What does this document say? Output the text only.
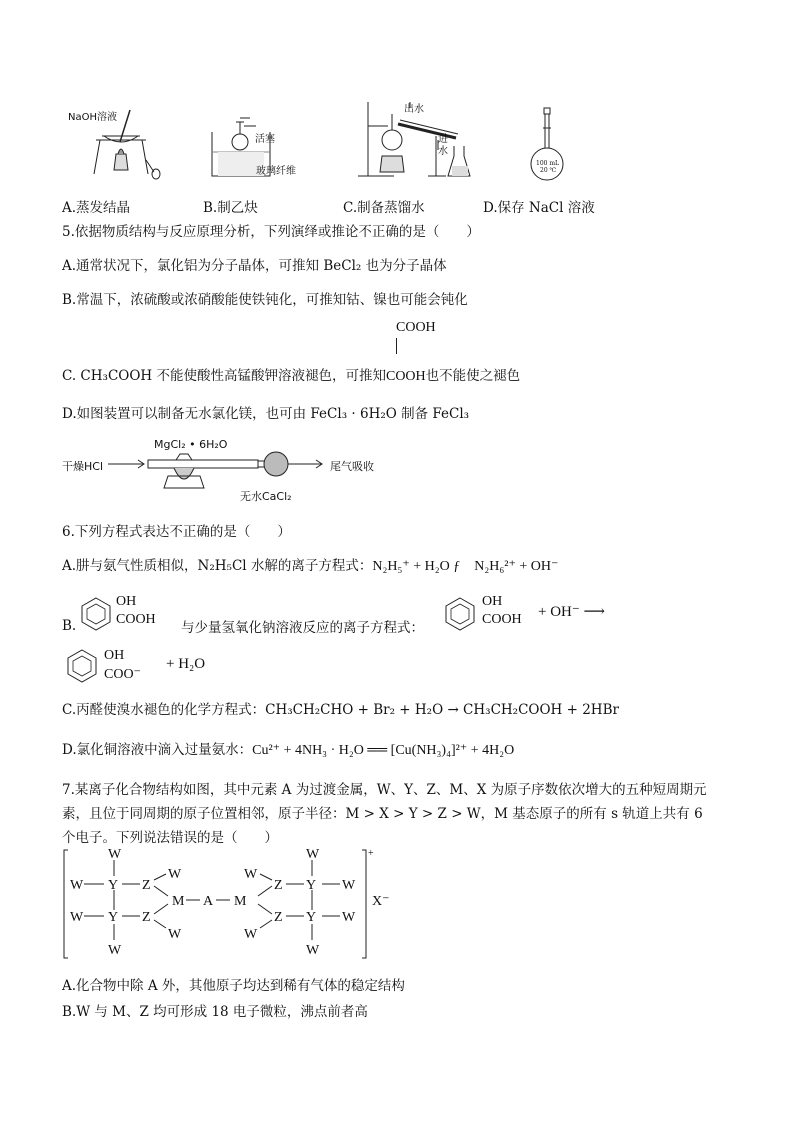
NaOH溶液
活塞
玻璃纤维
出水
进
水
100 mL
20 ℃
A.蒸发结晶	B.制乙炔	C.制备蒸馏水	D.保存 NaCl 溶液
5.依据物质结构与反应原理分析，下列演绎或推论不正确的是（　　）
A.通常状况下，氯化铝为分子晶体，可推知 BeCl₂ 也为分子晶体
B.常温下，浓硫酸或浓硝酸能使铁钝化，可推知钴、镍也可能会钝化
COOH
C. CH₃COOH 不能使酸性高锰酸钾溶液褪色，可推知COOH也不能使之褪色
D.如图装置可以制备无水氯化镁，也可由 FeCl₃ · 6H₂O 制备 FeCl₃
干燥HCl
MgCl₂ • 6H₂O
无水CaCl₂
尾气吸收
6.下列方程式表达不正确的是（　　）
A.肼与氨气性质相似，N₂H₅Cl 水解的离子方程式：N₂H₅⁺ + H₂O ƒ　N₂H₆²⁺ + OH⁻
B.
OH
COOH
与少量氢氧化钠溶液反应的离子方程式：
OH
COOH + OH⁻ ⟶
OH
COO⁻
+ H₂O
C.丙醛使溴水褪色的化学方程式：CH₃CH₂CHO + Br₂ + H₂O → CH₃CH₂COOH + 2HBr
D.氯化铜溶液中滴入过量氨水：Cu²⁺ + 4NH₃ · H₂O ══ [Cu(NH₃)₄]²⁺ + 4H₂O
7.某离子化合物结构如图，其中元素 A 为过渡金属，W、Y、Z、M、X 为原子序数依次增大的五种短周期元
素，且位于同周期的原子位置相邻，原子半径：M > X > Y > Z > W，M 基态原子的所有 s 轨道上共有 6
个电子。下列说法错误的是（　　）
W
W Y Z
W
W Y Z
W
W
M A M
W
Z Y W
W
Z Y W
W
W
+
X⁻
A.化合物中除 A 外，其他原子均达到稀有气体的稳定结构
B.W 与 M、Z 均可形成 18 电子微粒，沸点前者高
